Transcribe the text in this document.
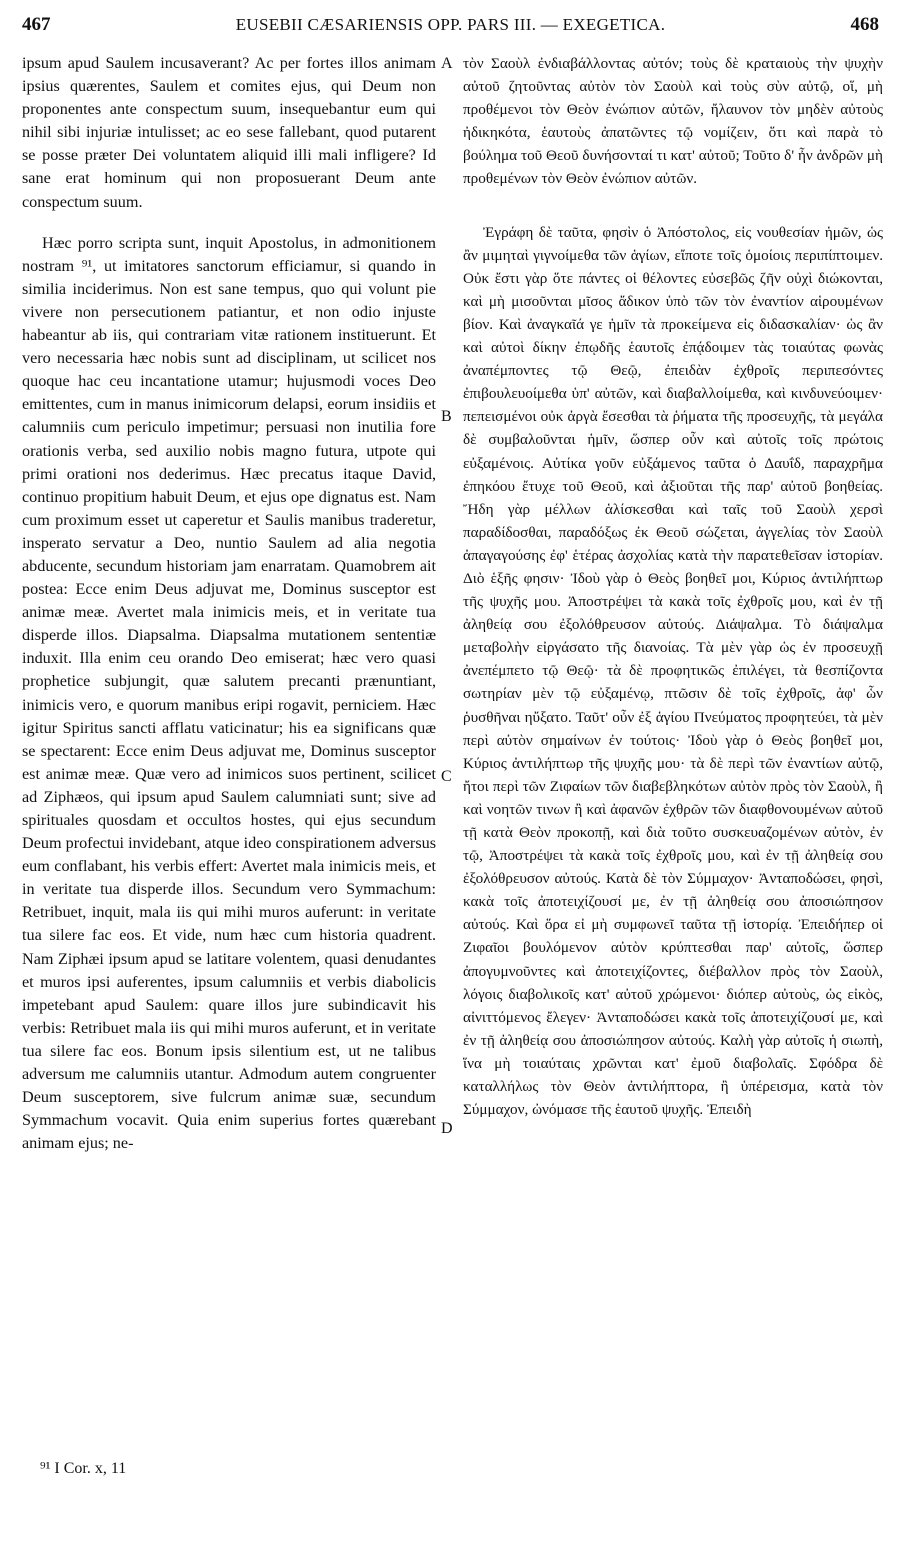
467	EUSEBII CÆSARIENSIS OPP. PARS III. — EXEGETICA.	468

ipsum apud Saulem incusaverant? Ac per fortes illos animam ipsius quærentes, Saulem et comites ejus, qui Deum non proponentes ante conspectum suum, insequebantur eum qui nihil sibi injuriæ intulisset; ac eo sese fallebant, quod putarent se posse præter Dei voluntatem aliquid illi mali infligere? Id sane erat hominum qui non proposuerant Deum ante conspectum suum.

Hæc porro scripta sunt, inquit Apostolus, in admonitionem nostram ⁹¹, ut imitatores sanctorum efficiamur, si quando in similia inciderimus. Non est sane tempus, quo qui volunt pie vivere non persecutionem patiantur, et non odio injuste habeantur ab iis, qui contrariam vitæ rationem instituerunt. Et vero necessaria hæc nobis sunt ad disciplinam, ut scilicet nos quoque hac ceu incantatione utamur; hujusmodi voces Deo emittentes, cum in manus inimicorum delapsi, eorum insidiis et calumniis cum periculo impetimur; persuasi non inutilia fore orationis verba, sed auxilio nobis magno futura, utpote qui primi orationi nos dederimus. Hæc precatus itaque David, continuo propitium habuit Deum, et ejus ope dignatus est. Nam cum proximum esset ut caperetur et Saulis manibus traderetur, insperato servatur a Deo, nuntio Saulem ad alia negotia abducente, secundum historiam jam enarratam. Quamobrem ait postea: Ecce enim Deus adjuvat me, Dominus susceptor est animæ meæ. Avertet mala inimicis meis, et in veritate tua disperde illos. Diapsalma. Diapsalma mutationem sententiæ induxit. Illa enim ceu orando Deo emiserat; hæc vero quasi prophetice subjungit, quæ salutem precanti prænuntiant, inimicis vero, e quorum manibus eripi rogavit, perniciem. Hæc igitur Spiritus sancti afflatu vaticinatur; his ea significans quæ se spectarent: Ecce enim Deus adjuvat me, Dominus susceptor est animæ meæ. Quæ vero ad inimicos suos pertinent, scilicet ad Ziphæos, qui ipsum apud Saulem calumniati sunt; sive ad spirituales quosdam et occultos hostes, qui ejus secundum Deum profectui invidebant, atque ideo conspirationem adversus eum conflabant, his verbis effert: Avertet mala inimicis meis, et in veritate tua disperde illos. Secundum vero Symmachum: Retribuet, inquit, mala iis qui mihi muros auferunt: in veritate tua silere fac eos. Et vide, num hæc cum historia quadrent. Nam Ziphæi ipsum apud se latitare volentem, quasi denudantes et muros ipsi auferentes, ipsum calumniis et verbis diabolicis impetebant apud Saulem: quare illos jure subindicavit his verbis: Retribuet mala iis qui mihi muros auferunt, et in veritate tua silere fac eos. Bonum ipsis silentium est, ut ne talibus adversum me calumniis utantur. Admodum autem congruenter Deum susceptorem, sive fulcrum animæ suæ, secundum Symmachum vocavit. Quia enim superius fortes quærebant animam ejus; ne-

A
B
C
D

τὸν Σαοὺλ ἐνδιαβάλλοντας αὐτόν; τοὺς δὲ κραταιοὺς τὴν ψυχὴν αὐτοῦ ζητοῦντας αὐτὸν τὸν Σαοὺλ καὶ τοὺς σὺν αὐτῷ, οἵ, μὴ προθέμενοι τὸν Θεὸν ἐνώπιον αὐτῶν, ἤλαυνον τὸν μηδὲν αὐτοὺς ἠδικηκότα, ἑαυτοὺς ἀπατῶντες τῷ νομίζειν, ὅτι καὶ παρὰ τὸ βούλημα τοῦ Θεοῦ δυνήσονταί τι κατ' αὐτοῦ; Τοῦτο δ' ἦν ἀνδρῶν μὴ προθεμένων τὸν Θεὸν ἐνώπιον αὐτῶν.

Ἐγράφη δὲ ταῦτα, φησὶν ὁ Ἀπόστολος, εἰς νουθεσίαν ἡμῶν, ὡς ἂν μιμηταὶ γιγνοίμεθα τῶν ἁγίων, εἴποτε τοῖς ὁμοίοις περιπίπτοιμεν. Οὐκ ἔστι γὰρ ὅτε πάντες οἱ θέλοντες εὐσεβῶς ζῆν οὐχὶ διώκονται, καὶ μὴ μισοῦνται μῖσος ἄδικον ὑπὸ τῶν τὸν ἐναντίον αἱρουμένων βίον. Καὶ ἀναγκαῖά γε ἡμῖν τὰ προκείμενα εἰς διδασκαλίαν· ὡς ἂν καὶ αὐτοὶ δίκην ἐπῳδῆς ἑαυτοῖς ἐπᾴδοιμεν τὰς τοιαύτας φωνὰς ἀναπέμποντες τῷ Θεῷ, ἐπειδὰν ἐχθροῖς περιπεσόντες ἐπιβουλευοίμεθα ὑπ' αὐτῶν, καὶ διαβαλλοίμεθα, καὶ κινδυνεύοιμεν· πεπεισμένοι οὐκ ἀργὰ ἔσεσθαι τὰ ῥήματα τῆς προσευχῆς, τὰ μεγάλα δὲ συμβαλοῦνται ἡμῖν, ὥσπερ οὖν καὶ αὐτοῖς τοῖς πρώτοις εὐξαμένοις. Αὐτίκα γοῦν εὐξάμενος ταῦτα ὁ Δαυΐδ, παραχρῆμα ἐπηκόου ἔτυχε τοῦ Θεοῦ, καὶ ἀξιοῦται τῆς παρ' αὐτοῦ βοηθείας. Ἤδη γὰρ μέλλων ἁλίσκεσθαι καὶ ταῖς τοῦ Σαοὺλ χερσὶ παραδίδοσθαι, παραδόξως ἐκ Θεοῦ σώζεται, ἀγγελίας τὸν Σαοὺλ ἀπαγαγούσης ἐφ' ἑτέρας ἀσχολίας κατὰ τὴν παρατεθεῖσαν ἱστορίαν. Διὸ ἑξῆς φησιν· Ἰδοὺ γὰρ ὁ Θεὸς βοηθεῖ μοι, Κύριος ἀντιλήπτωρ τῆς ψυχῆς μου. Ἀποστρέψει τὰ κακὰ τοῖς ἐχθροῖς μου, καὶ ἐν τῇ ἀληθείᾳ σου ἐξολόθρευσον αὐτούς. Διάψαλμα. Τὸ διάψαλμα μεταβολὴν εἰργάσατο τῆς διανοίας. Τὰ μὲν γὰρ ὡς ἐν προσευχῇ ἀνεπέμπετο τῷ Θεῷ· τὰ δὲ προφητικῶς ἐπιλέγει, τὰ θεσπίζοντα σωτηρίαν μὲν τῷ εὐξαμένῳ, πτῶσιν δὲ τοῖς ἐχθροῖς, ἀφ' ὧν ῥυσθῆναι ηὔξατο. Ταῦτ' οὖν ἐξ ἁγίου Πνεύματος προφητεύει, τὰ μὲν περὶ αὐτὸν σημαίνων ἐν τούτοις· Ἰδοὺ γὰρ ὁ Θεὸς βοηθεῖ μοι, Κύριος ἀντιλήπτωρ τῆς ψυχῆς μου· τὰ δὲ περὶ τῶν ἐναντίων αὐτῷ, ἤτοι περὶ τῶν Ζιφαίων τῶν διαβεβληκότων αὐτὸν πρὸς τὸν Σαοὺλ, ἢ καὶ νοητῶν τινων ἢ καὶ ἀφανῶν ἐχθρῶν τῶν διαφθονουμένων αὐτοῦ τῇ κατὰ Θεὸν προκοπῇ, καὶ διὰ τοῦτο συσκευαζομένων αὐτὸν, ἐν τῷ, Ἀποστρέψει τὰ κακὰ τοῖς ἐχθροῖς μου, καὶ ἐν τῇ ἀληθείᾳ σου ἐξολόθρευσον αὐτούς. Κατὰ δὲ τὸν Σύμμαχον· Ἀνταποδώσει, φησὶ, κακὰ τοῖς ἀποτειχίζουσί με, ἐν τῇ ἀληθείᾳ σου ἀποσιώπησον αὐτούς. Καὶ ὅρα εἰ μὴ συμφωνεῖ ταῦτα τῇ ἱστορίᾳ. Ἐπειδήπερ οἱ Ζιφαῖοι βουλόμενον αὐτὸν κρύπτεσθαι παρ' αὐτοῖς, ὥσπερ ἀπογυμνοῦντες καὶ ἀποτειχίζοντες, διέβαλλον πρὸς τὸν Σαοὺλ, λόγοις διαβολικοῖς κατ' αὐτοῦ χρώμενοι· διόπερ αὐτοὺς, ὡς εἰκὸς, αἰνιττόμενος ἔλεγεν· Ἀνταποδώσει κακὰ τοῖς ἀποτειχίζουσί με, καὶ ἐν τῇ ἀληθείᾳ σου ἀποσιώπησον αὐτούς. Καλὴ γὰρ αὐτοῖς ἡ σιωπὴ, ἵνα μὴ τοιαύταις χρῶνται κατ' ἐμοῦ διαβολαῖς. Σφόδρα δὲ καταλλήλως τὸν Θεὸν ἀντιλήπτορα, ἢ ὑπέρεισμα, κατὰ τὸν Σύμμαχον, ὠνόμασε τῆς ἑαυτοῦ ψυχῆς. Ἐπειδὴ

⁹¹ I Cor. x, 11
